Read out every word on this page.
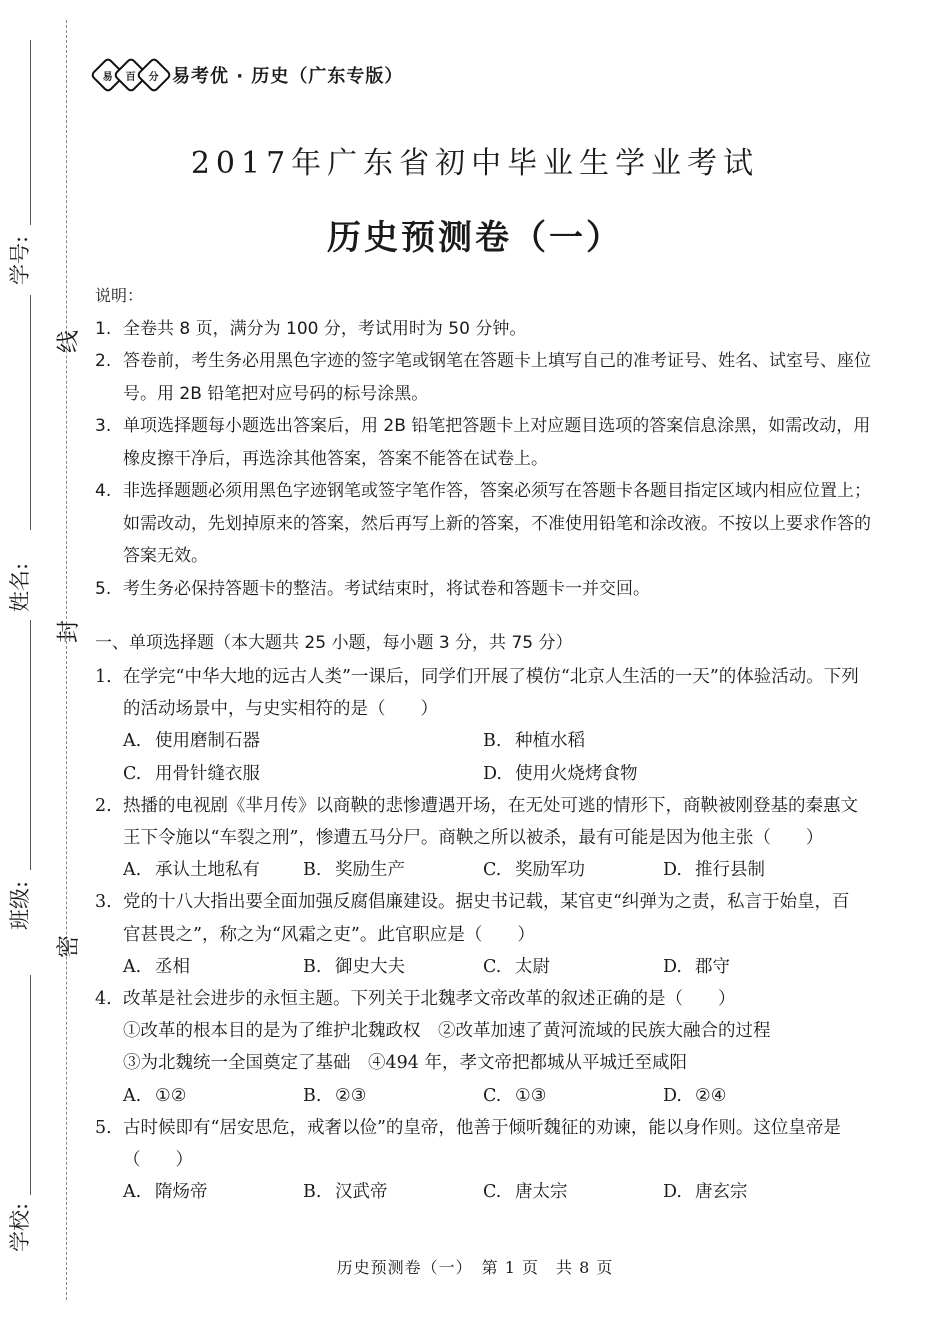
线
封
密
学号:
姓名:
班级:
学校:
易 百 分 易考优 · 历史（广东专版）
2017年广东省初中毕业生学业考试
历史预测卷（一）
说明：
1. 全卷共 8 页，满分为 100 分，考试用时为 50 分钟。
2. 答卷前，考生务必用黑色字迹的签字笔或钢笔在答题卡上填写自己的准考证号、姓名、试室号、座位号。用 2B 铅笔把对应号码的标号涂黑。
3. 单项选择题每小题选出答案后，用 2B 铅笔把答题卡上对应题目选项的答案信息涂黑，如需改动，用橡皮擦干净后，再选涂其他答案，答案不能答在试卷上。
4. 非选择题题必须用黑色字迹钢笔或签字笔作答，答案必须写在答题卡各题目指定区域内相应位置上；如需改动，先划掉原来的答案，然后再写上新的答案，不准使用铅笔和涂改液。不按以上要求作答的答案无效。
5. 考生务必保持答题卡的整洁。考试结束时，将试卷和答题卡一并交回。
一、单项选择题（本大题共 25 小题，每小题 3 分，共 75 分）
1. 在学完“中华大地的远古人类”一课后，同学们开展了模仿“北京人生活的一天”的体验活动。下列的活动场景中，与史实相符的是（　　）
A. 使用磨制石器	B. 种植水稻
C. 用骨针缝衣服	D. 使用火烧烤食物
2. 热播的电视剧《芈月传》以商鞅的悲惨遭遇开场，在无处可逃的情形下，商鞅被刚登基的秦惠文王下令施以“车裂之刑”，惨遭五马分尸。商鞅之所以被杀，最有可能是因为他主张（　　）
A. 承认土地私有	B. 奖励生产	C. 奖励军功	D. 推行县制
3. 党的十八大指出要全面加强反腐倡廉建设。据史书记载，某官吏“纠弹为之责，私言于始皇，百官甚畏之”，称之为“风霜之吏”。此官职应是（　　）
A. 丞相	B. 御史大夫	C. 太尉	D. 郡守
4. 改革是社会进步的永恒主题。下列关于北魏孝文帝改革的叙述正确的是（　　）
①改革的根本目的是为了维护北魏政权　②改革加速了黄河流域的民族大融合的过程
③为北魏统一全国奠定了基础　④494 年，孝文帝把都城从平城迁至咸阳
A. ①②	B. ②③	C. ①③	D. ②④
5. 古时候即有“居安思危，戒奢以俭”的皇帝，他善于倾听魏征的劝谏，能以身作则。这位皇帝是（　　）
A. 隋炀帝	B. 汉武帝	C. 唐太宗	D. 唐玄宗
历史预测卷（一）　第 1 页　共 8 页
